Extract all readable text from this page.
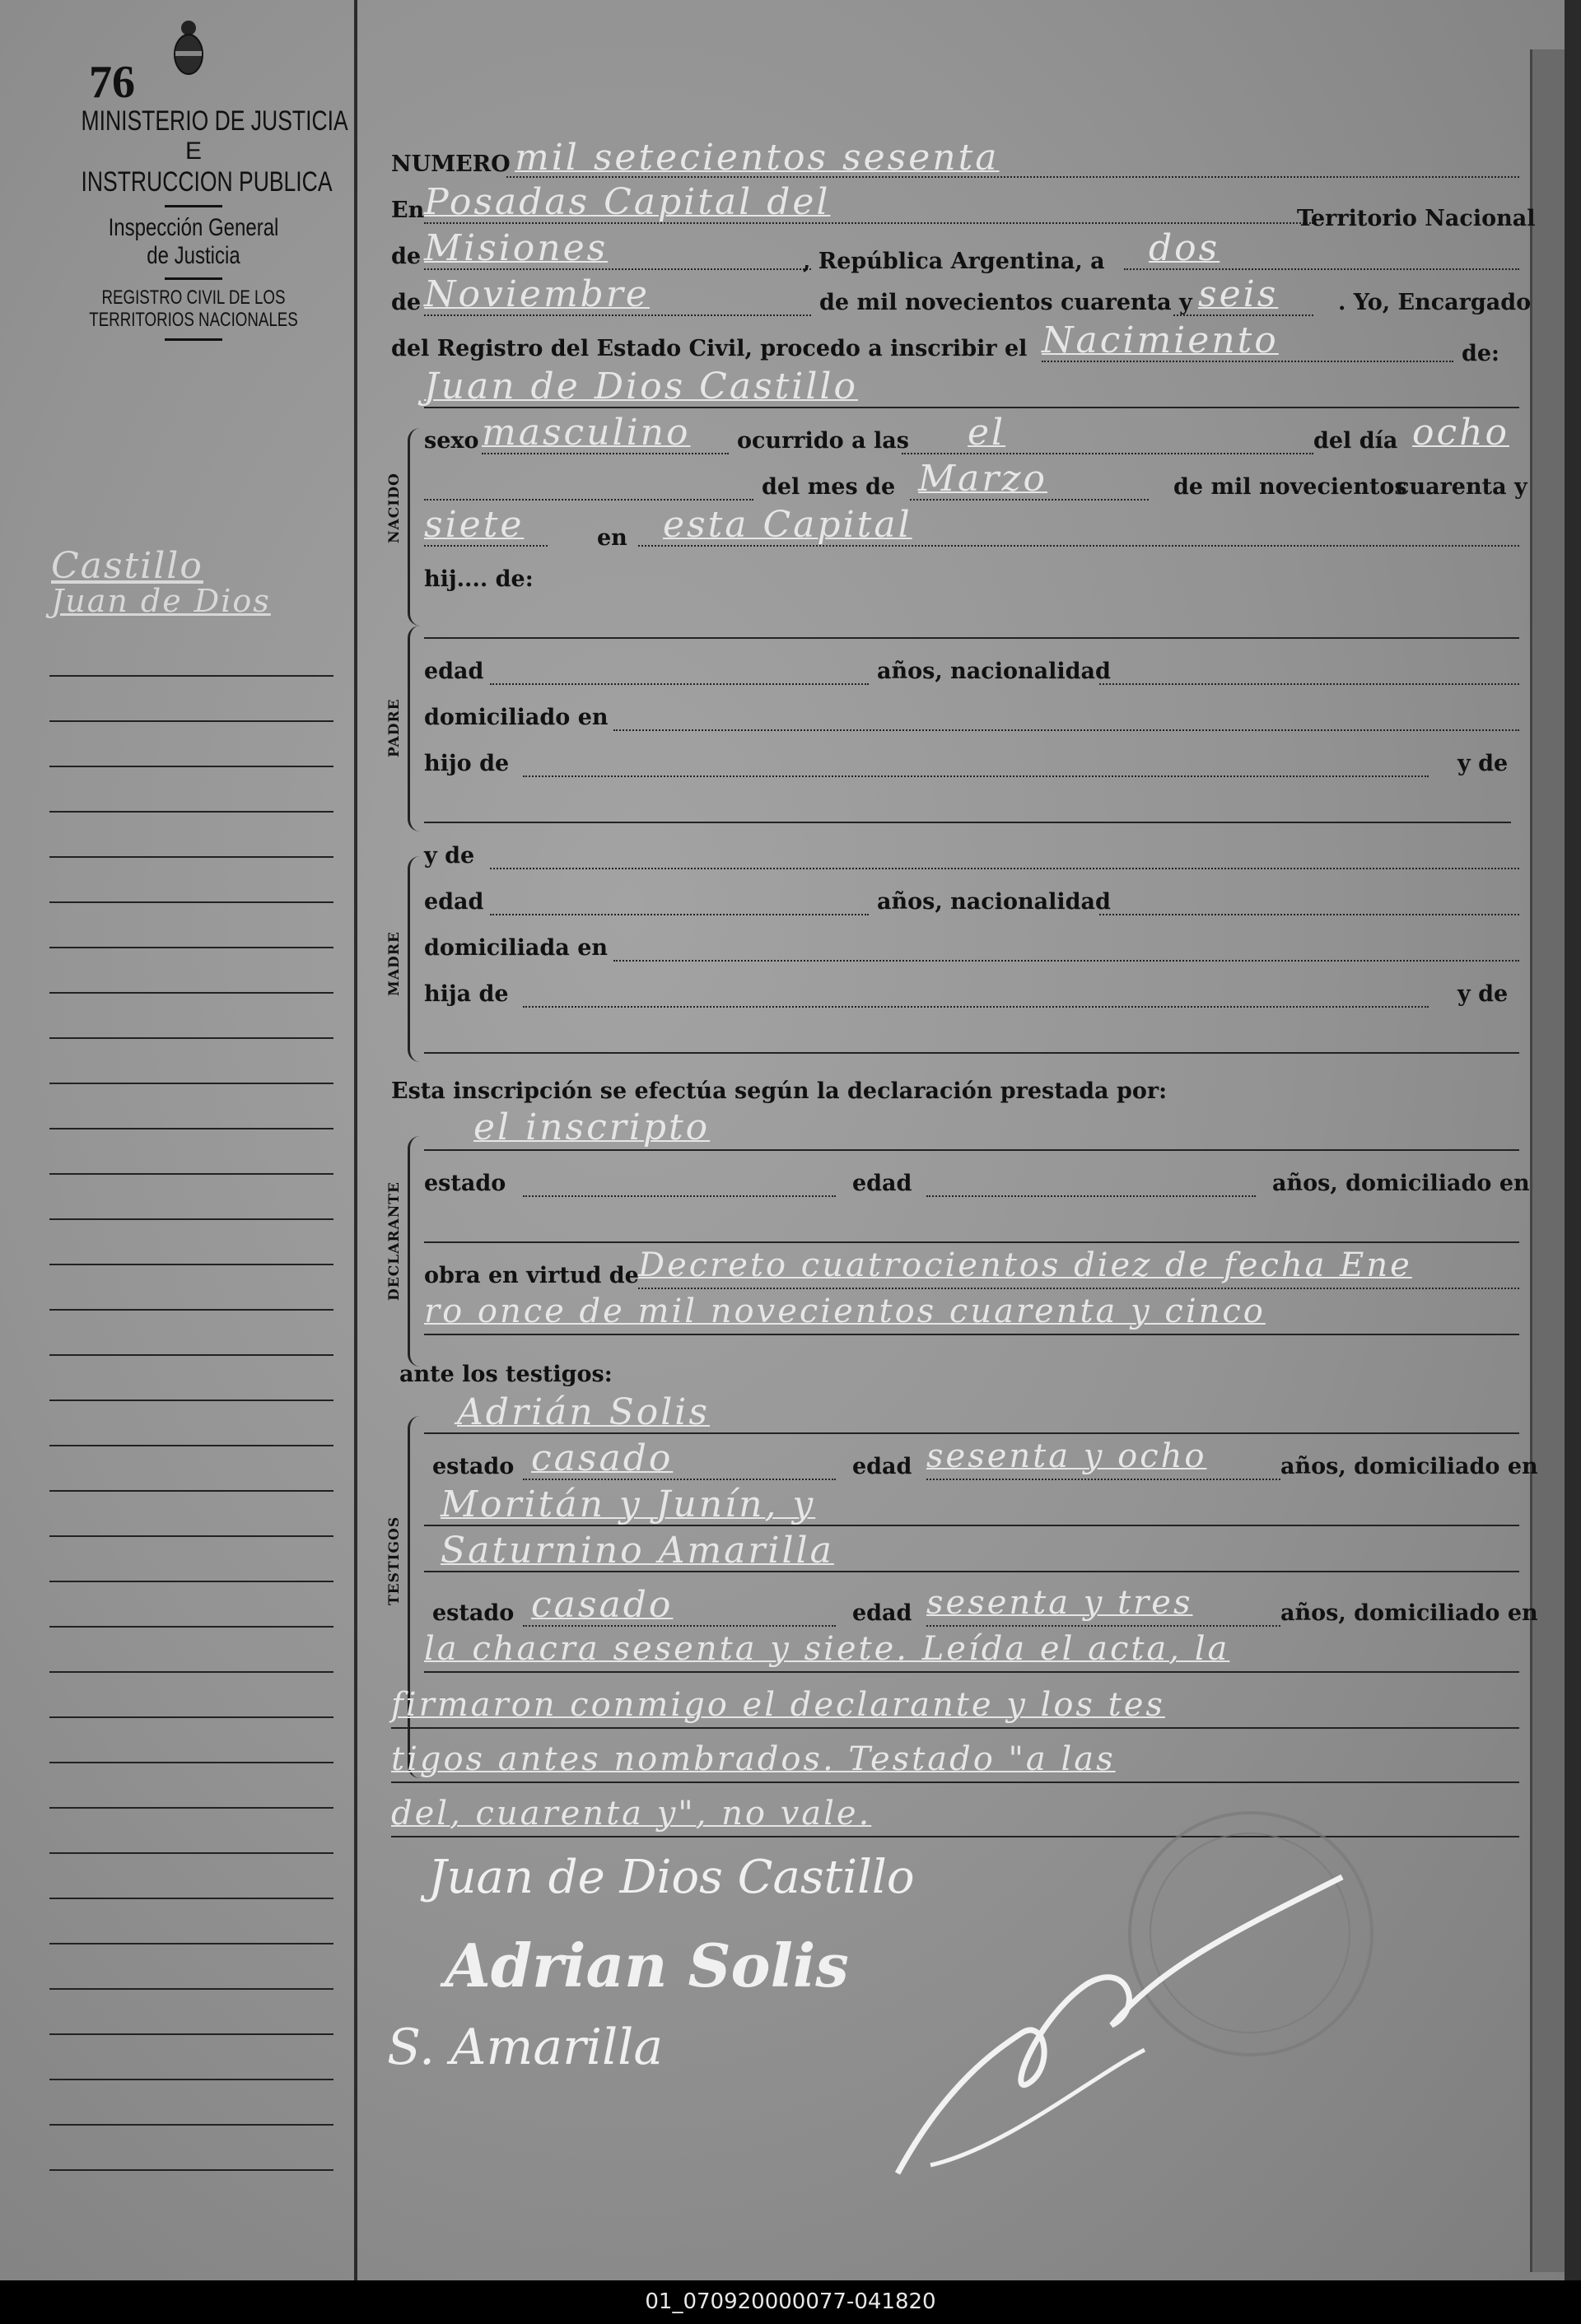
76
MINISTERIO DE JUSTICIA
E
INSTRUCCION PUBLICA
Inspección General
de Justicia
REGISTRO CIVIL DE LOS
TERRITORIOS NACIONALES
Castillo
Juan de Dios
NUMERO mil setecientos sesenta
En Posadas Capital del	Territorio Nacional
de Misiones	, República Argentina, a dos
de Noviembre	de mil novecientos cuarenta y seis	. Yo, Encargado
del Registro del Estado Civil, procedo a inscribir el Nacimiento	de:
Juan de Dios Castillo
NACIDO
sexo masculino ocurrido a las el	del día ocho
del mes de Marzo	de mil novecientos
cuarenta y
siete	en esta Capital
hij.... de:
PADRE
edad	años, nacionalidad
domiciliado en
hijo de	y de
MADRE
y de
edad	años, nacionalidad
domiciliada en
hija de	y de
Esta inscripción se efectúa según la declaración prestada por:
DECLARANTE
el inscripto
estado	edad	años, domiciliado en
obra en virtud de Decreto cuatrocientos diez de fecha Ene
ro once de mil novecientos cuarenta y cinco
ante los testigos:
TESTIGOS
Adrián Solis
estado casado	edad sesenta y ocho	años, domiciliado en
Moritán y Junín, y
Saturnino Amarilla
estado casado	edad sesenta y tres	años, domiciliado en
la chacra sesenta y siete. Leída el acta, la
firmaron conmigo el declarante y los tes
tigos antes nombrados. Testado "a las
del, cuarenta y", no vale.
Juan de Dios Castillo
Adrian Solis
S. Amarilla
01_070920000077-041820
